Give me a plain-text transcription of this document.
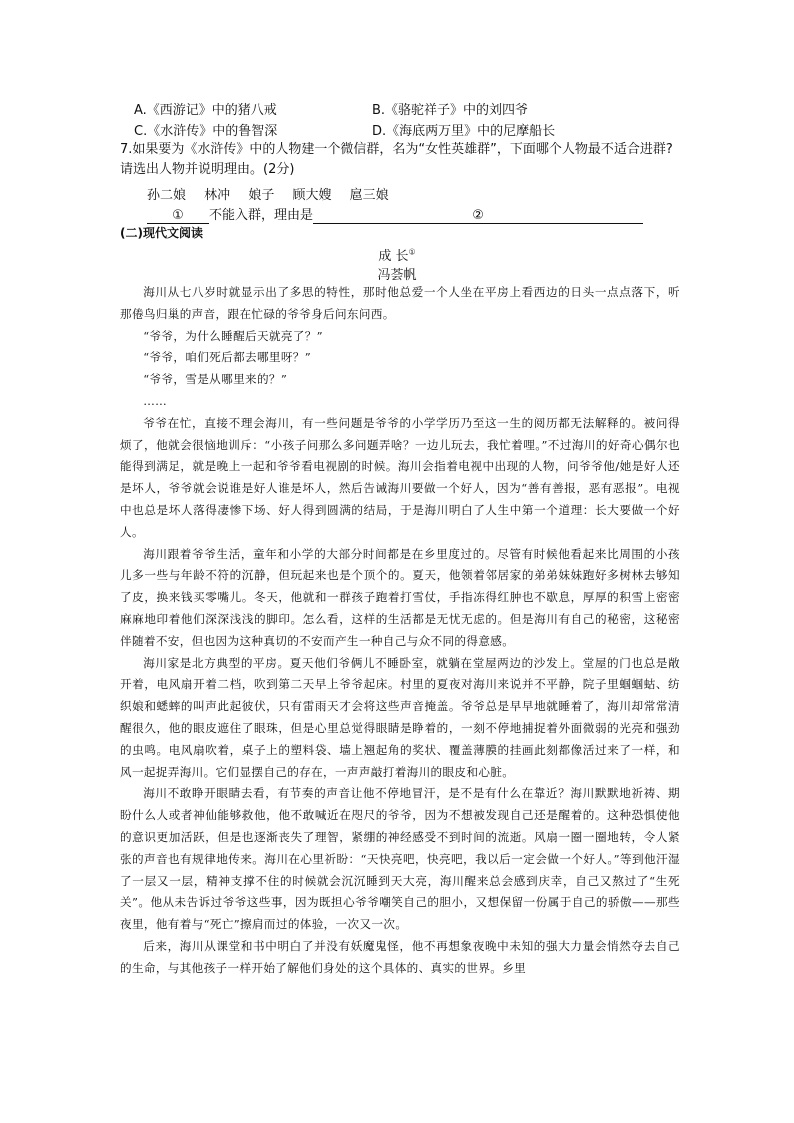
A.《西游记》中的猪八戒	B.《骆驼祥子》中的刘四爷
C.《水浒传》中的鲁智深	D.《海底两万里》中的尼摩船长
7.如果要为《水浒传》中的人物建一个微信群，名为“女性英雄群”，下面哪个人物最不适合进群?请选出人物并说明理由。(2分)
孙二娘 林冲 娘子 顾大嫂 扈三娘
① 不能入群，理由是	②
(二)现代文阅读
成 长①
冯荟帆

海川从七八岁时就显示出了多思的特性，那时他总爱一个人坐在平房上看西边的日头一点点落下，听那倦鸟归巢的声音，跟在忙碌的爷爷身后问东问西。

“爷爷，为什么睡醒后天就亮了？”

“爷爷，咱们死后都去哪里呀？”

“爷爷，雪是从哪里来的？”

……

爷爷在忙，直接不理会海川，有一些问题是爷爷的小学学历乃至这一生的阅历都无法解释的。被问得烦了，他就会很恼地训斥：“小孩子问那么多问题弄啥？一边儿玩去，我忙着哩。”不过海川的好奇心偶尔也能得到满足，就是晚上一起和爷爷看电视剧的时候。海川会指着电视中出现的人物，问爷爷他/她是好人还是坏人，爷爷就会说谁是好人谁是坏人，然后告诫海川要做一个好人，因为“善有善报，恶有恶报”。电视中也总是坏人落得凄惨下场、好人得到圆满的结局，于是海川明白了人生中第一个道理：长大要做一个好人。

海川跟着爷爷生活，童年和小学的大部分时间都是在乡里度过的。尽管有时候他看起来比周围的小孩儿多一些与年龄不符的沉静，但玩起来也是个顶个的。夏天，他领着邻居家的弟弟妹妹跑好多树林去够知了皮，换来钱买零嘴儿。冬天，他就和一群孩子跑着打雪仗，手指冻得红肿也不歇息，厚厚的积雪上密密麻麻地印着他们深深浅浅的脚印。怎么看，这样的生活都是无忧无虑的。但是海川有自己的秘密，这秘密伴随着不安，但也因为这种真切的不安而产生一种自己与众不同的得意感。

海川家是北方典型的平房。夏天他们爷俩儿不睡卧室，就躺在堂屋两边的沙发上。堂屋的门也总是敞开着，电风扇开着二档，吹到第二天早上爷爷起床。村里的夏夜对海川来说并不平静，院子里蝈蝈蛄、纺织娘和蟋蟀的叫声此起彼伏，只有雷雨天才会将这些声音掩盖。爷爷总是早早地就睡着了，海川却常常清醒很久，他的眼皮遮住了眼珠，但是心里总觉得眼睛是睁着的，一刻不停地捕捉着外面微弱的光亮和强劲的虫鸣。电风扇吹着，桌子上的塑料袋、墙上翘起角的奖状、覆盖薄膜的挂画此刻都像活过来了一样，和风一起捉弄海川。它们显摆自己的存在，一声声敲打着海川的眼皮和心脏。

海川不敢睁开眼睛去看，有节奏的声音让他不停地冒汗，是不是有什么在靠近？海川默默地祈祷、期盼什么人或者神仙能够救他，他不敢喊近在咫尺的爷爷，因为不想被发现自己还是醒着的。这种恐惧使他的意识更加活跃，但是也逐渐丧失了理智，紧绷的神经感受不到时间的流逝。风扇一圈一圈地转，令人紧张的声音也有规律地传来。海川在心里祈盼：“天快亮吧，快亮吧，我以后一定会做一个好人。”等到他汗湿了一层又一层，精神支撑不住的时候就会沉沉睡到天大亮，海川醒来总会感到庆幸，自己又熬过了“生死关”。他从未告诉过爷爷这些事，因为既担心爷爷嘲笑自己的胆小，又想保留一份属于自己的骄傲——那些夜里，他有着与“死亡”擦肩而过的体验，一次又一次。

后来，海川从课堂和书中明白了并没有妖魔鬼怪，他不再想象夜晚中未知的强大力量会悄然夺去自己的生命，与其他孩子一样开始了解他们身处的这个具体的、真实的世界。乡里
